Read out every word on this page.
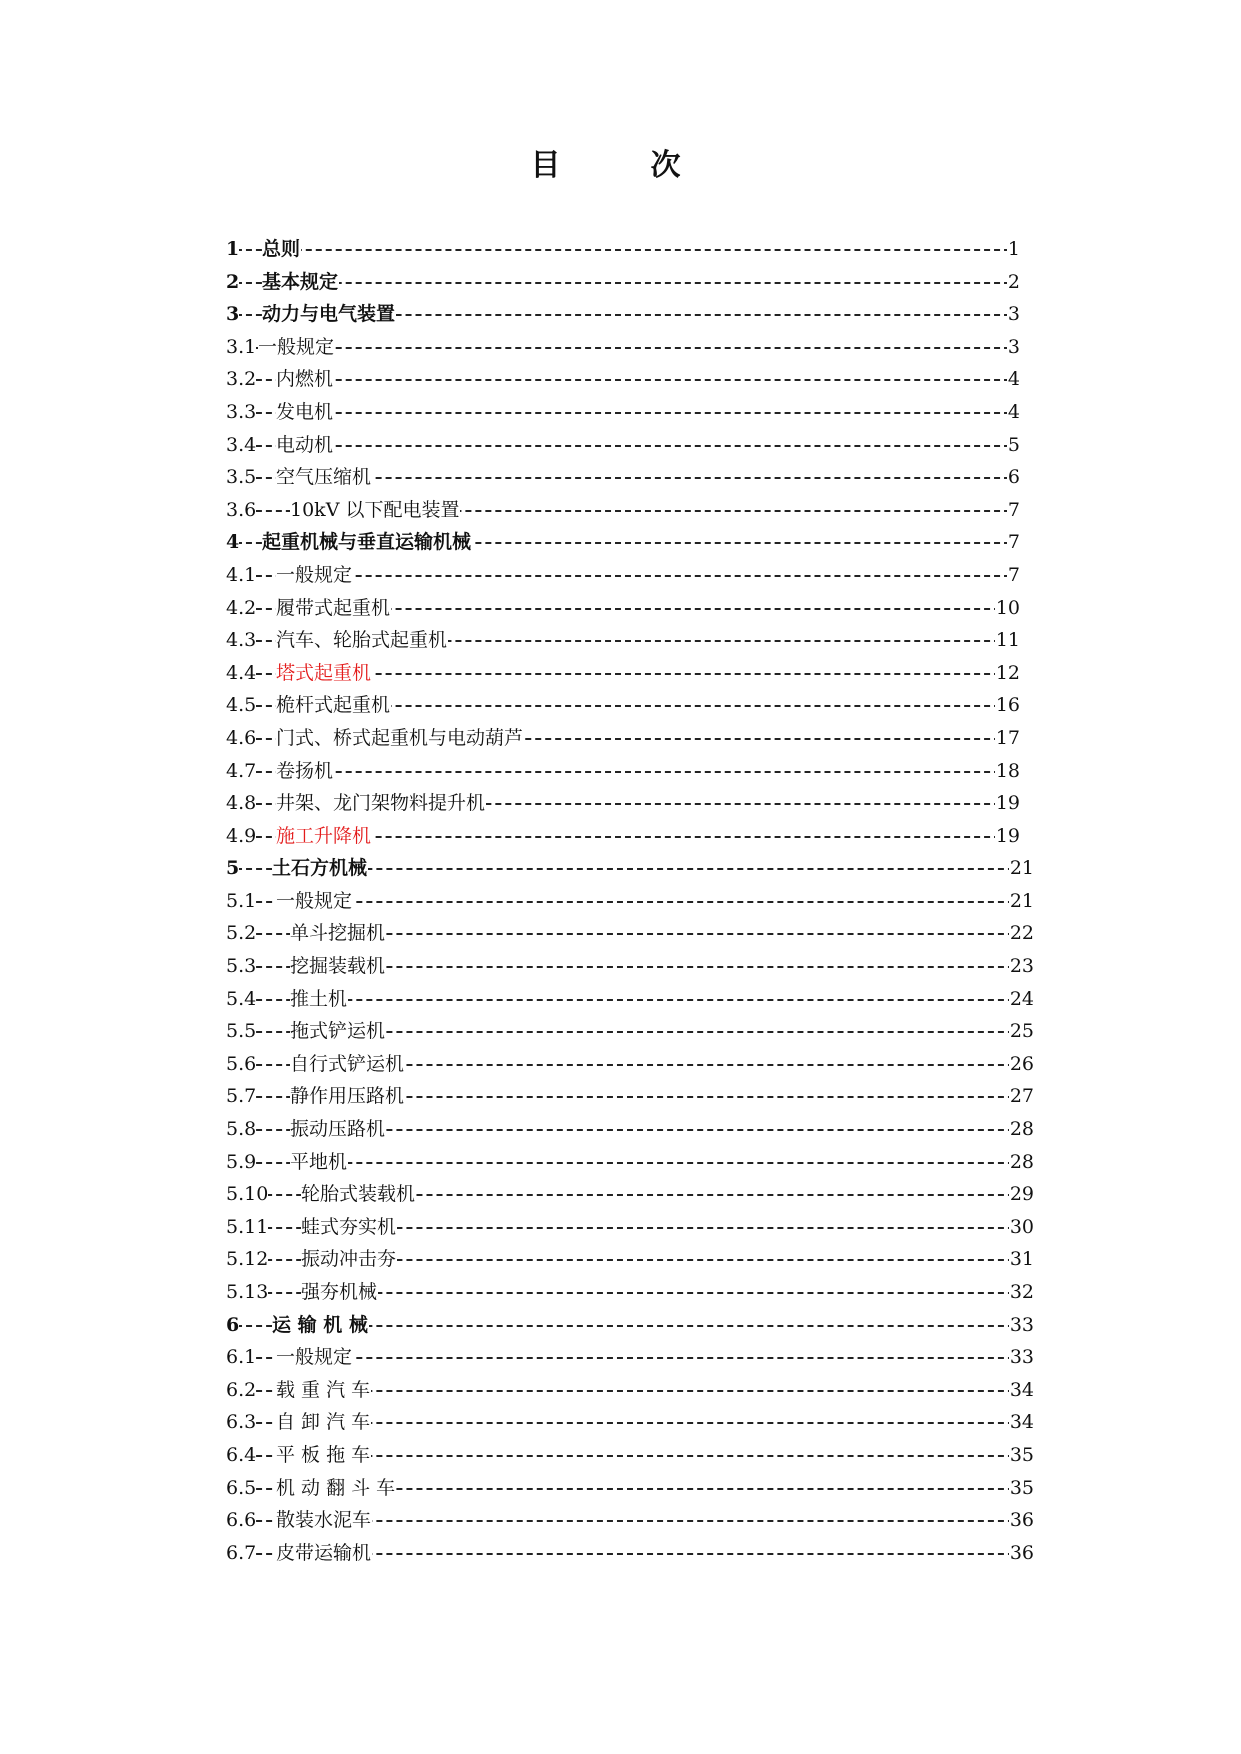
目　次
1 总则	1
2 基本规定	2
3 动力与电气装置	3
3.1 一般规定	3
3.2 内燃机	4
3.3 发电机	4
3.4 电动机	5
3.5 空气压缩机	6
3.6 10kV 以下配电装置	7
4 起重机械与垂直运输机械	7
4.1 一般规定	7
4.2 履带式起重机	10
4.3 汽车、轮胎式起重机	11
4.4 塔式起重机	12
4.5 桅杆式起重机	16
4.6 门式、桥式起重机与电动葫芦	17
4.7 卷扬机	18
4.8 井架、龙门架物料提升机	19
4.9 施工升降机	19
5 土石方机械	21
5.1 一般规定	21
5.2 单斗挖掘机	22
5.3 挖掘装载机	23
5.4 推土机	24
5.5 拖式铲运机	25
5.6 自行式铲运机	26
5.7 静作用压路机	27
5.8 振动压路机	28
5.9 平地机	28
5.10 轮胎式装载机	29
5.11 蛙式夯实机	30
5.12 振动冲击夯	31
5.13 强夯机械	32
6 运 输 机 械	33
6.1 一般规定	33
6.2 载 重 汽 车	34
6.3 自 卸 汽 车	34
6.4 平 板 拖 车	35
6.5 机 动 翻 斗 车	35
6.6 散装水泥车	36
6.7 皮带运输机	36
